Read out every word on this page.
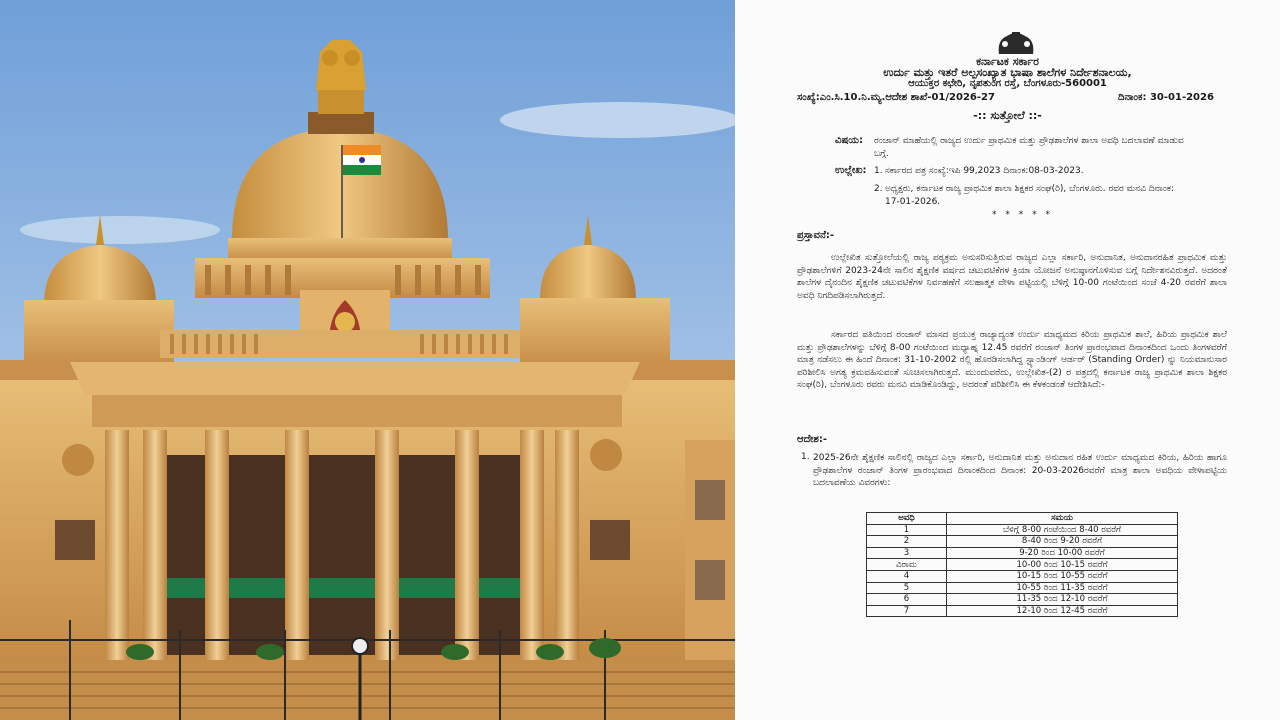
ಕರ್ನಾಟಕ ಸರ್ಕಾರ
ಉರ್ದು ಮತ್ತು ಇತರೆ ಅಲ್ಪಸಂಖ್ಯಾತ ಭಾಷಾ ಶಾಲೆಗಳ ನಿರ್ದೇಶನಾಲಯ,
ಆಯುಕ್ತರ ಕಛೇರಿ, ನೃಪತುಂಗ ರಸ್ತೆ, ಬೆಂಗಳೂರು-560001
ಸಂಖ್ಯೆ:ಎಂ.ಸಿ.10.ನಿ.ಮ್ಯ.ಆದೇಶ ಶಾಖೆ-01/2026-27	ದಿನಾಂಕ: 30-01-2026
-:: ಸುತ್ತೋಲೆ ::-
ವಿಷಯ: ರಂಜಾನ್ ಮಾಹೆಯಲ್ಲಿ ರಾಜ್ಯದ ಉರ್ದು ಪ್ರಾಥಮಿಕ ಮತ್ತು ಪ್ರೌಢಶಾಲೆಗಳ ಶಾಲಾ ಅವಧಿ ಬದಲಾವಣೆ ಮಾಡುವ ಬಗ್ಗೆ.
ಉಲ್ಲೇಖ: 1. ಸರ್ಕಾರದ ಪತ್ರ ಸಂಖ್ಯೆ:ಇಪಿ 99,2023 ದಿನಾಂಕ:08-03-2023.
2. ಅಧ್ಯಕ್ಷರು, ಕರ್ನಾಟಕ ರಾಜ್ಯ ಪ್ರಾಥಮಿಕ ಶಾಲಾ ಶಿಕ್ಷಕರ ಸಂಘ(ರಿ), ಬೆಂಗಳೂರು. ರವರ ಮನವಿ ದಿನಾಂಕ: 17-01-2026.
* * * * *
ಪ್ರಸ್ತಾವನೆ:-
ಉಲ್ಲೇಖಿತ ಸುತ್ತೋಲೆಯಲ್ಲಿ ರಾಜ್ಯ ಪಠ್ಯಕ್ರಮ ಅನುಸರಿಸುತ್ತಿರುವ ರಾಜ್ಯದ ಎಲ್ಲಾ ಸರ್ಕಾರಿ, ಅನುದಾನಿತ, ಅನುದಾನರಹಿತ ಪ್ರಾಥಮಿಕ ಮತ್ತು ಪ್ರೌಢಶಾಲೆಗಳಿಗೆ 2023-24ನೇ ಸಾಲಿನ ಶೈಕ್ಷಣಿಕ ವರ್ಷದ ಚಟುವಟಿಕೆಗಳ ಕ್ರಿಯಾ ಯೋಜನೆ ಅನುಷ್ಠಾನಗೊಳಿಸುವ ಬಗ್ಗೆ ನಿರ್ದೇಶನವಿರುತ್ತದೆ. ಅದರಂತೆ ಶಾಲೆಗಳ ದೈನಂದಿನ ಶೈಕ್ಷಣಿಕ ಚಟುವಟಿಕೆಗಳ ನಿರ್ವಹಣೆಗೆ ಸಲಹಾತ್ಮಕ ವೇಳಾ ಪಟ್ಟಿಯಲ್ಲಿ ಬೆಳಿಗ್ಗೆ 10-00 ಗಂಟೆಯಿಂದ ಸಂಜೆ 4-20 ರವರೆಗೆ ಶಾಲಾ ಅವಧಿ ನಿಗದಿಪಡಿಸಲಾಗಿರುತ್ತದೆ.
ಸರ್ಕಾರದ ವತಿಯಿಂದ ರಂಜಾನ್ ಮಾಸದ ಪ್ರಯುಕ್ತ ರಾಜ್ಯಾದ್ಯಂತ ಉರ್ದು ಮಾಧ್ಯಮದ ಕಿರಿಯ ಪ್ರಾಥಮಿಕ ಶಾಲೆ, ಹಿರಿಯ ಪ್ರಾಥಮಿಕ ಶಾಲೆ ಮತ್ತು ಪ್ರೌಢಶಾಲೆಗಳನ್ನು ಬೆಳಿಗ್ಗೆ 8-00 ಗಂಟೆಯಿಂದ ಮಧ್ಯಾಹ್ನ 12.45 ರವರೆಗೆ ರಂಜಾನ್ ತಿಂಗಳ ಪ್ರಾರಂಭವಾದ ದಿನಾಂಕದಿಂದ ಒಂದು ತಿಂಗಳವರೆಗೆ ಮಾತ್ರ ನಡೆಸಲು ಈ ಹಿಂದೆ ದಿನಾಂಕ: 31-10-2002 ರಲ್ಲಿ ಹೊರಡಿಸಲಾಗಿದ್ದ ಸ್ಟ್ಯಾಂಡಿಂಗ್ ಆರ್ಡರ್ (Standing Order) ನ್ನು ನಿಯಮಾನುಸಾರ ಪರಿಶೀಲಿಸಿ ಅಗತ್ಯ ಕ್ರಮವಹಿಸುವಂತೆ ಸೂಚಿಸಲಾಗಿರುತ್ತದೆ. ಮುಂದುವರೆದು, ಉಲ್ಲೇಖಿತ-(2) ರ ಪತ್ರದಲ್ಲಿ ಕರ್ನಾಟಕ ರಾಜ್ಯ ಪ್ರಾಥಮಿಕ ಶಾಲಾ ಶಿಕ್ಷಕರ ಸಂಘ(ರಿ), ಬೆಂಗಳೂರು ರವರು ಮನವಿ ಮಾಡಿಕೊಂಡಿದ್ದು, ಅದರಂತೆ ಪರಿಶೀಲಿಸಿ ಈ ಕೆಳಕಂಡಂತೆ ಆದೇಶಿಸಿದೆ:-
ಆದೇಶ:-
1. 2025-26ನೇ ಶೈಕ್ಷಣಿಕ ಸಾಲಿನಲ್ಲಿ ರಾಜ್ಯದ ಎಲ್ಲಾ ಸರ್ಕಾರಿ, ಅನುದಾನಿತ ಮತ್ತು ಅನುದಾನ ರಹಿತ ಉರ್ದು ಮಾಧ್ಯಮದ ಕಿರಿಯ, ಹಿರಿಯ ಹಾಗೂ ಪ್ರೌಢಶಾಲೆಗಳ ರಂಜಾನ್ ತಿಂಗಳ ಪ್ರಾರಂಭವಾದ ದಿನಾಂಕದಿಂದ ದಿನಾಂಕ: 20-03-2026ರವರೆಗೆ ಮಾತ್ರ ಶಾಲಾ ಅವಧಿಯ ವೇಳಾಪಟ್ಟಿಯ ಬದಲಾವಣೆಯ ವಿವರಗಳು:
ಅವಧಿ	ಸಮಯ
1	ಬೆಳಿಗ್ಗೆ 8-00 ಗಂಟೆಯಿಂದ 8-40 ರವರೆಗೆ
2	8-40 ರಿಂದ 9-20 ರವರೆಗೆ
3	9-20 ರಿಂದ 10-00 ರವರೆಗೆ
ವಿರಾಮ	10-00 ರಿಂದ 10-15 ರವರೆಗೆ
4	10-15 ರಿಂದ 10-55 ರವರೆಗೆ
5	10-55 ರಿಂದ 11-35 ರವರೆಗೆ
6	11-35 ರಿಂದ 12-10 ರವರೆಗೆ
7	12-10 ರಿಂದ 12-45 ರವರೆಗೆ
